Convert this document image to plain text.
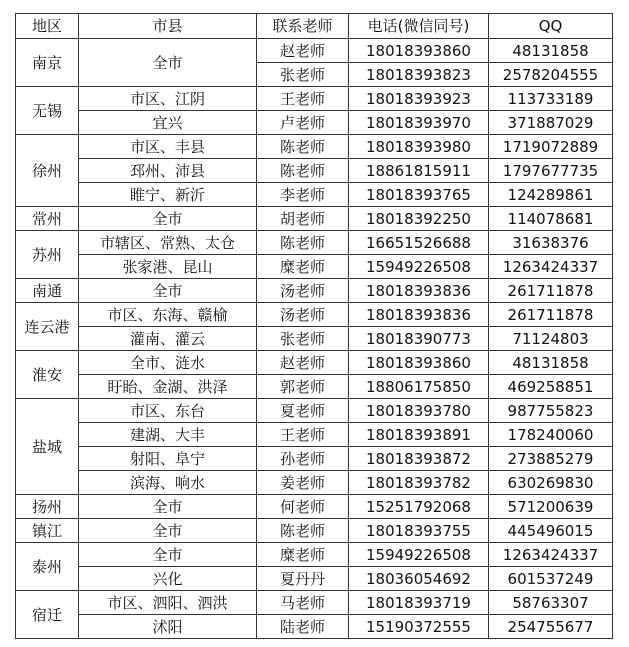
地区	市县	联系老师	电话(微信同号)	QQ
南京	全市	赵老师	18018393860	48131858
		张老师	18018393823	2578204555
无锡	市区、江阴	王老师	18018393923	113733189
	宜兴	卢老师	18018393970	371887029
徐州	市区、丰县	陈老师	18018393980	1719072889
	邳州、沛县	陈老师	18861815911	1797677735
	睢宁、新沂	李老师	18018393765	124289861
常州	全市	胡老师	18018392250	114078681
苏州	市辖区、常熟、太仓	陈老师	16651526688	31638376
	张家港、昆山	糜老师	15949226508	1263424337
南通	全市	汤老师	18018393836	261711878
连云港	市区、东海、赣榆	汤老师	18018393836	261711878
	灌南、灌云	张老师	18018390773	71124803
淮安	全市、涟水	赵老师	18018393860	48131858
	盱眙、金湖、洪泽	郭老师	18806175850	469258851
盐城	市区、东台	夏老师	18018393780	987755823
	建湖、大丰	王老师	18018393891	178240060
	射阳、阜宁	孙老师	18018393872	273885279
	滨海、响水	姜老师	18018393782	630269830
扬州	全市	何老师	15251792068	571200639
镇江	全市	陈老师	18018393755	445496015
泰州	全市	糜老师	15949226508	1263424337
	兴化	夏丹丹	18036054692	601537249
宿迁	市区、泗阳、泗洪	马老师	18018393719	58763307
	沭阳	陆老师	15190372555	254755677
